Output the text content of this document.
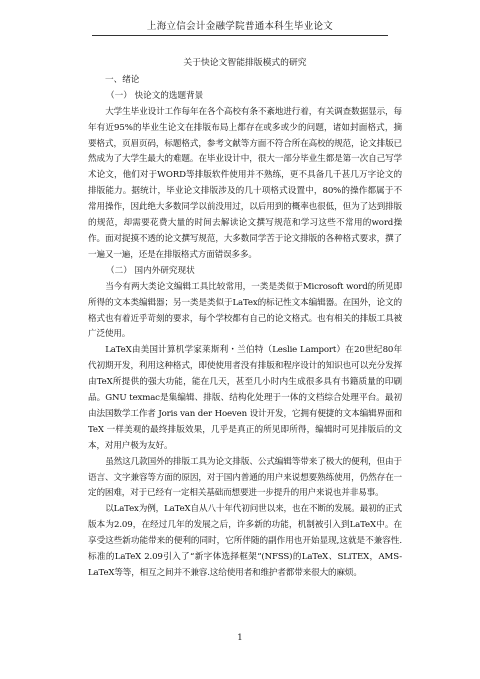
上海立信会计金融学院普通本科生毕业论文

关于快论文智能排版模式的研究

一、绪论

（一） 快论文的选题背景

大学生毕业设计工作每年在各个高校有条不紊地进行着，有关调查数据显示，每年有近95%的毕业生论文在排版布局上都存在或多或少的问题，诸如封面格式，摘要格式，页眉页码，标题格式，参考文献等方面不符合所在高校的规范，论文排版已然成为了大学生最大的难题。在毕业设计中，很大一部分毕业生都是第一次自己写学术论文，他们对于WORD等排版软件使用并不熟练，更不具备几千甚几万字论文的排版能力。据统计，毕业论文排版涉及的几十项格式设置中，80%的操作都属于不常用操作，因此绝大多数同学以前没用过，以后用到的概率也很低，但为了达到排版的规范，却需要花费大量的时间去解读论文撰写规范和学习这些不常用的word操作。面对捉摸不透的论文撰写规范，大多数同学苦于论文排版的各种格式要求，撰了一遍又一遍，还是在排版格式方面错误多多。

（二） 国内外研究现状

当今有两大类论文编辑工具比较常用，一类是类似于Microsoft word的所见即所得的文本类编辑器；另一类是类似于LaTex的标记性文本编辑器。在国外，论文的格式也有着近乎苛刻的要求，每个学校都有自己的论文格式。也有相关的排版工具被广泛使用。

LaTeX由美国计算机学家莱斯利・兰伯特（Leslie Lamport）在20世纪80年代初期开发，利用这种格式，即使使用者没有排版和程序设计的知识也可以充分发挥由TeX所提供的强大功能，能在几天，甚至几小时内生成很多具有书籍质量的印刷品。GNU texmac是集编辑、排版、结构化处理于一体的文档综合处理平台。最初由法国数学工作者 Joris van der Hoeven 设计开发，它拥有便捷的文本编辑界面和 TeX 一样美观的最终排版效果，几乎是真正的所见即所得，编辑时可见排版后的文本，对用户极为友好。

虽然这几款国外的排版工具为论文排版、公式编辑等带来了极大的便利，但由于语言、文字兼容等方面的原因，对于国内普通的用户来说想要熟练使用，仍然存在一定的困难，对于已经有一定相关基础而想要进一步提升的用户来说也并非易事。

以LaTex为例，LaTeX自从八十年代初问世以来，也在不断的发展。最初的正式版本为2.09，在经过几年的发展之后，许多新的功能，机制被引入到LaTeX中。在享受这些新功能带来的便利的同时，它所伴随的副作用也开始显现,这就是不兼容性.标准的LaTeX 2.09引入了“新字体选择框架”(NFSS)的LaTeX、SLiTEX，AMS-LaTeX等等，相互之间并不兼容.这给使用者和维护者都带来很大的麻烦。

1
